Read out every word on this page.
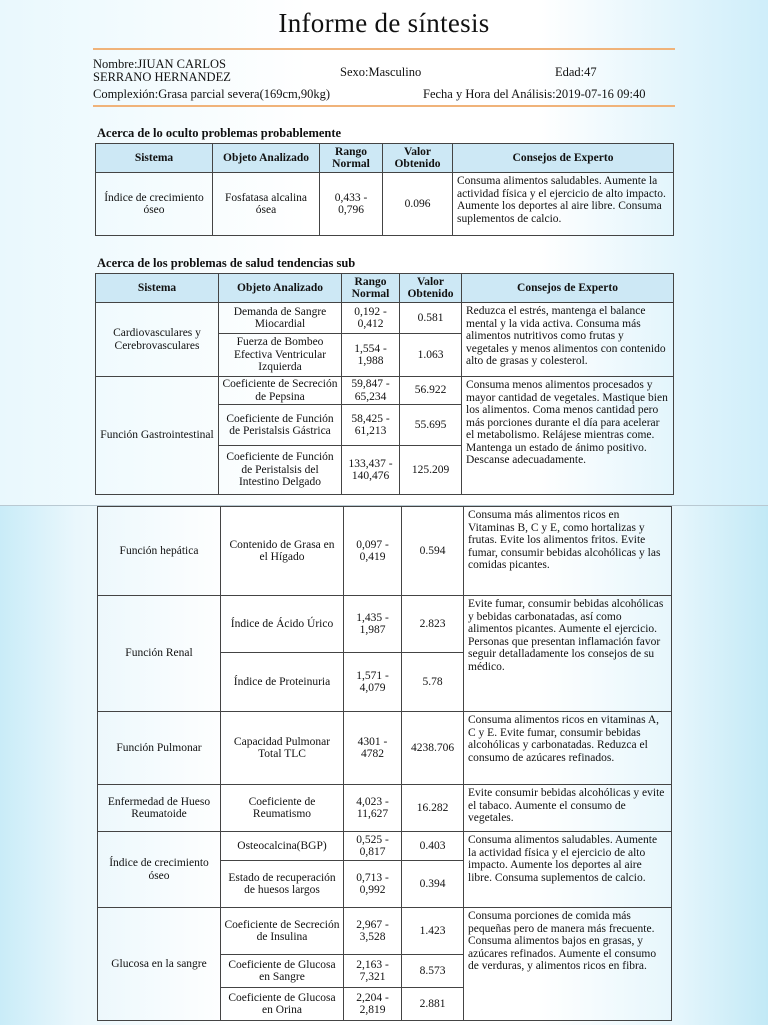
Informe de síntesis
Nombre:JIUAN CARLOS
SERRANO HERNANDEZ	Sexo:Masculino	Edad:47
Complexión:Grasa parcial severa(169cm,90kg)	Fecha y Hora del Análisis:2019-07-16 09:40
Acerca de lo oculto problemas probablemente
Sistema	Objeto Analizado	Rango Normal	Valor Obtenido	Consejos de Experto
Índice de crecimiento óseo	Fosfatasa alcalina ósea	0,433 - 0,796	0.096	Consuma alimentos saludables. Aumente la actividad física y el ejercicio de alto impacto. Aumente los deportes al aire libre. Consuma suplementos de calcio.
Acerca de los problemas de salud tendencias sub
Sistema	Objeto Analizado	Rango Normal	Valor Obtenido	Consejos de Experto
Cardiovasculares y Cerebrovasculares	Demanda de Sangre Miocardial	0,192 - 0,412	0.581	Reduzca el estrés, mantenga el balance mental y la vida activa. Consuma más alimentos nutritivos como frutas y vegetales y menos alimentos con contenido alto de grasas y colesterol.
	Fuerza de Bombeo Efectiva Ventricular Izquierda	1,554 - 1,988	1.063	
Función Gastrointestinal	Coeficiente de Secreción de Pepsina	59,847 - 65,234	56.922	Consuma menos alimentos procesados y mayor cantidad de vegetales. Mastique bien los alimentos. Coma menos cantidad pero más porciones durante el día para acelerar el metabolismo. Relájese mientras come. Mantenga un estado de ánimo positivo. Descanse adecuadamente.
	Coeficiente de Función de Peristalsis Gástrica	58,425 - 61,213	55.695	
	Coeficiente de Función de Peristalsis del Intestino Delgado	133,437 - 140,476	125.209	
Función hepática	Contenido de Grasa en el Hígado	0,097 - 0,419	0.594	Consuma más alimentos ricos en Vitaminas B, C y E, como hortalizas y frutas. Evite los alimentos fritos. Evite fumar, consumir bebidas alcohólicas y las comidas picantes.
Función Renal	Índice de Ácido Úrico	1,435 - 1,987	2.823	Evite fumar, consumir bebidas alcohólicas y bebidas carbonatadas, así como alimentos picantes. Aumente el ejercicio. Personas que presentan inflamación favor seguir detalladamente los consejos de su médico.
	Índice de Proteinuria	1,571 - 4,079	5.78	
Función Pulmonar	Capacidad Pulmonar Total TLC	4301 - 4782	4238.706	Consuma alimentos ricos en vitaminas A, C y E. Evite fumar, consumir bebidas alcohólicas y carbonatadas. Reduzca el consumo de azúcares refinados.
Enfermedad de Hueso Reumatoide	Coeficiente de Reumatismo	4,023 - 11,627	16.282	Evite consumir bebidas alcohólicas y evite el tabaco. Aumente el consumo de vegetales.
Índice de crecimiento óseo	Osteocalcina(BGP)	0,525 - 0,817	0.403	Consuma alimentos saludables. Aumente la actividad física y el ejercicio de alto impacto. Aumente los deportes al aire libre. Consuma suplementos de calcio.
	Estado de recuperación de huesos largos	0,713 - 0,992	0.394	
Glucosa en la sangre	Coeficiente de Secreción de Insulina	2,967 - 3,528	1.423	Consuma porciones de comida más pequeñas pero de manera más frecuente. Consuma alimentos bajos en grasas, y azúcares refinados. Aumente el consumo de verduras, y alimentos ricos en fibra.
	Coeficiente de Glucosa en Sangre	2,163 - 7,321	8.573	
	Coeficiente de Glucosa en Orina	2,204 - 2,819	2.881	
